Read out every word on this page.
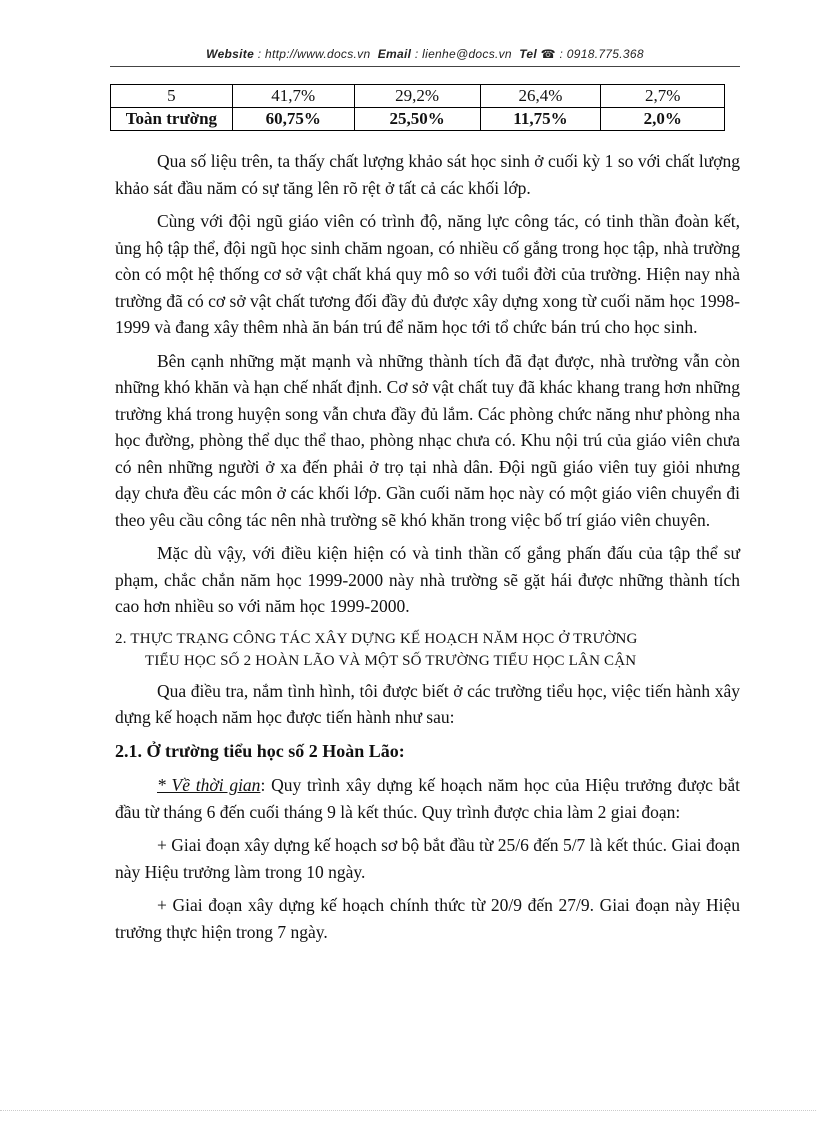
Website : http://www.docs.vn Email : lienhe@docs.vn Tel ☎ : 0918.775.368
5	41,7%	29,2%	26,4%	2,7%
Toàn trường	60,75%	25,50%	11,75%	2,0%

Qua số liệu trên, ta thấy chất lượng khảo sát học sinh ở cuối kỳ 1 so với chất lượng khảo sát đầu năm có sự tăng lên rõ rệt ở tất cả các khối lớp.

Cùng với đội ngũ giáo viên có trình độ, năng lực công tác, có tinh thần đoàn kết, ủng hộ tập thể, đội ngũ học sinh chăm ngoan, có nhiều cố gắng trong học tập, nhà trường còn có một hệ thống cơ sở vật chất khá quy mô so với tuổi đời của trường. Hiện nay nhà trường đã có cơ sở vật chất tương đối đầy đủ được xây dựng xong từ cuối năm học 1998-1999 và đang xây thêm nhà ăn bán trú để năm học tới tổ chức bán trú cho học sinh.

Bên cạnh những mặt mạnh và những thành tích đã đạt được, nhà trường vẫn còn những khó khăn và hạn chế nhất định. Cơ sở vật chất tuy đã khác khang trang hơn những trường khá trong huyện song vẫn chưa đầy đủ lắm. Các phòng chức năng như phòng nha học đường, phòng thể dục thể thao, phòng nhạc chưa có. Khu nội trú của giáo viên chưa có nên những người ở xa đến phải ở trọ tại nhà dân. Đội ngũ giáo viên tuy giỏi nhưng dạy chưa đều các môn ở các khối lớp. Gần cuối năm học này có một giáo viên chuyển đi theo yêu cầu công tác nên nhà trường sẽ khó khăn trong việc bố trí giáo viên chuyên.

Mặc dù vậy, với điều kiện hiện có và tinh thần cố gắng phấn đấu của tập thể sư phạm, chắc chắn năm học 1999-2000 này nhà trường sẽ gặt hái được những thành tích cao hơn nhiều so với năm học 1999-2000.

2. THỰC TRẠNG CÔNG TÁC XÂY DỰNG KẾ HOẠCH NĂM HỌC Ở TRƯỜNG
TIỂU HỌC SỐ 2 HOÀN LÃO VÀ MỘT SỐ TRƯỜNG TIỂU HỌC LÂN CẬN

Qua điều tra, nắm tình hình, tôi được biết ở các trường tiểu học, việc tiến hành xây dựng kế hoạch năm học được tiến hành như sau:

2.1. Ở trường tiểu học số 2 Hoàn Lão:

* Về thời gian: Quy trình xây dựng kế hoạch năm học của Hiệu trưởng được bắt đầu từ tháng 6 đến cuối tháng 9 là kết thúc. Quy trình được chia làm 2 giai đoạn:

+ Giai đoạn xây dựng kế hoạch sơ bộ bắt đầu từ 25/6 đến 5/7 là kết thúc. Giai đoạn này Hiệu trưởng làm trong 10 ngày.

+ Giai đoạn xây dựng kế hoạch chính thức từ 20/9 đến 27/9. Giai đoạn này Hiệu trưởng thực hiện trong 7 ngày.
